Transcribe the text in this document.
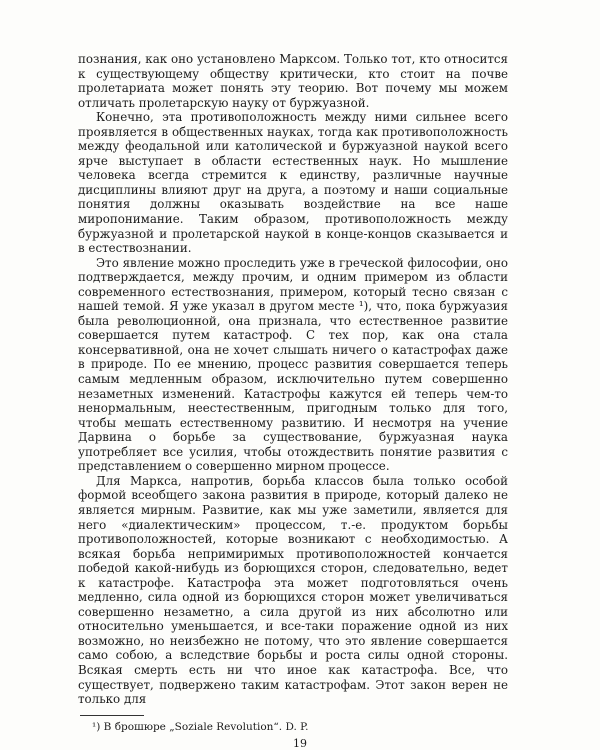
познания, как оно установлено Марксом. Только тот, кто относится к существующему обществу критически, кто стоит на почве пролетариата может понять эту теорию. Вот почему мы можем отличать пролетарскую науку от буржуазной.

Конечно, эта противоположность между ними сильнее всего проявляется в общественных науках, тогда как противоположность между феодальной или католической и буржуазной наукой всего ярче выступает в области естественных наук. Но мышление человека всегда стремится к единству, различные научные дисциплины влияют друг на друга, а поэтому и наши социальные понятия должны оказывать воздействие на все наше миропонимание. Таким образом, противоположность между буржуазной и пролетарской наукой в конце-концов сказывается и в естествознании.

Это явление можно проследить уже в греческой философии, оно подтверждается, между прочим, и одним примером из области современного естествознания, примером, который тесно связан с нашей темой. Я уже указал в другом месте ¹), что, пока буржуазия была революционной, она признала, что естественное развитие совершается путем катастроф. С тех пор, как она стала консервативной, она не хочет слышать ничего о катастрофах даже в природе. По ее мнению, процесс развития совершается теперь самым медленным образом, исключительно путем совершенно незаметных изменений. Катастрофы кажутся ей теперь чем-то ненормальным, неестественным, пригодным только для того, чтобы мешать естественному развитию. И несмотря на учение Дарвина о борьбе за существование, буржуазная наука употребляет все усилия, чтобы отождествить понятие развития с представлением о совершенно мирном процессе.

Для Маркса, напротив, борьба классов была только особой формой всеобщего закона развития в природе, который далеко не является мирным. Развитие, как мы уже заметили, является для него «диалектическим» процессом, т.-е. продуктом борьбы противоположностей, которые возникают с необходимостью. А всякая борьба непримиримых противоположностей кончается победой какой-нибудь из борющихся сторон, следовательно, ведет к катастрофе. Катастрофа эта может подготовляться очень медленно, сила одной из борющихся сторон может увеличиваться совершенно незаметно, а сила другой из них абсолютно или относительно уменьшается, и все-таки поражение одной из них возможно, но неизбежно не потому, что это явление совершается само собою, а вследствие борьбы и роста силы одной стороны. Всякая смерть есть ни что иное как катастрофа. Все, что существует, подвержено таким катастрофам. Этот закон верен не только для

¹) В брошюре „Soziale Revolution“. D. P.
19
